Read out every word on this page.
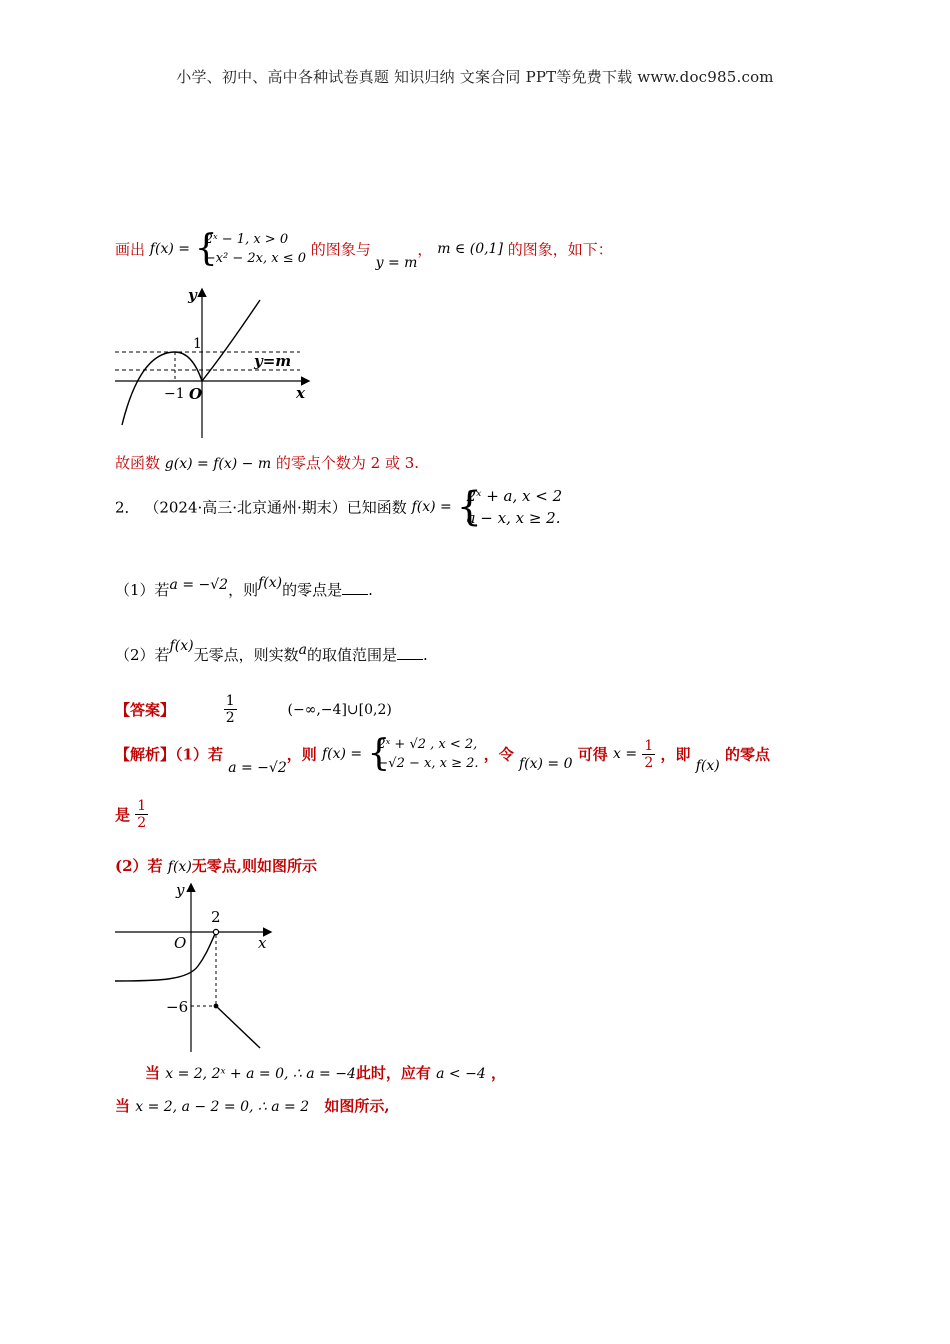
小学、初中、高中各种试卷真题 知识归纳 文案合同 PPT等免费下载 www.doc985.com
画出 f(x) = {
2ˣ − 1, x > 0
−x² − 2x, x ≤ 0 的图象与 y = m， m ∈ (0,1] 的图象，如下：
y
x
O
1
−1
y=m
故函数 g(x) = f(x) − m 的零点个数为 2 或 3.
2． （2024·高三·北京通州·期末）已知函数 f(x) = {
2ˣ + a, x < 2
a − x, x ≥ 2.
（1）若a = −√2，则f(x)的零点是 .
（2）若f(x)无零点，则实数a的取值范围是 .
【答案】	$\frac{1}{2}$	(−∞,−4]∪[0,2)
【解析】（1）若 a = −√2，则 f(x) = {
2ˣ + √2 , x < 2,
−√2 − x, x ≥ 2. ，令 f(x) = 0 可得 $x = \frac{1}{2}$ ，即 f(x) 的零点
是 $\frac{1}{2}$
(2）若 f(x)无零点,则如图所示
y
x
O
2
−6
当 x = 2, 2ˣ + a = 0, ∴ a = −4此时，应有 a < −4 ，
当 x = 2, a − 2 = 0, ∴ a = 2 如图所示,
